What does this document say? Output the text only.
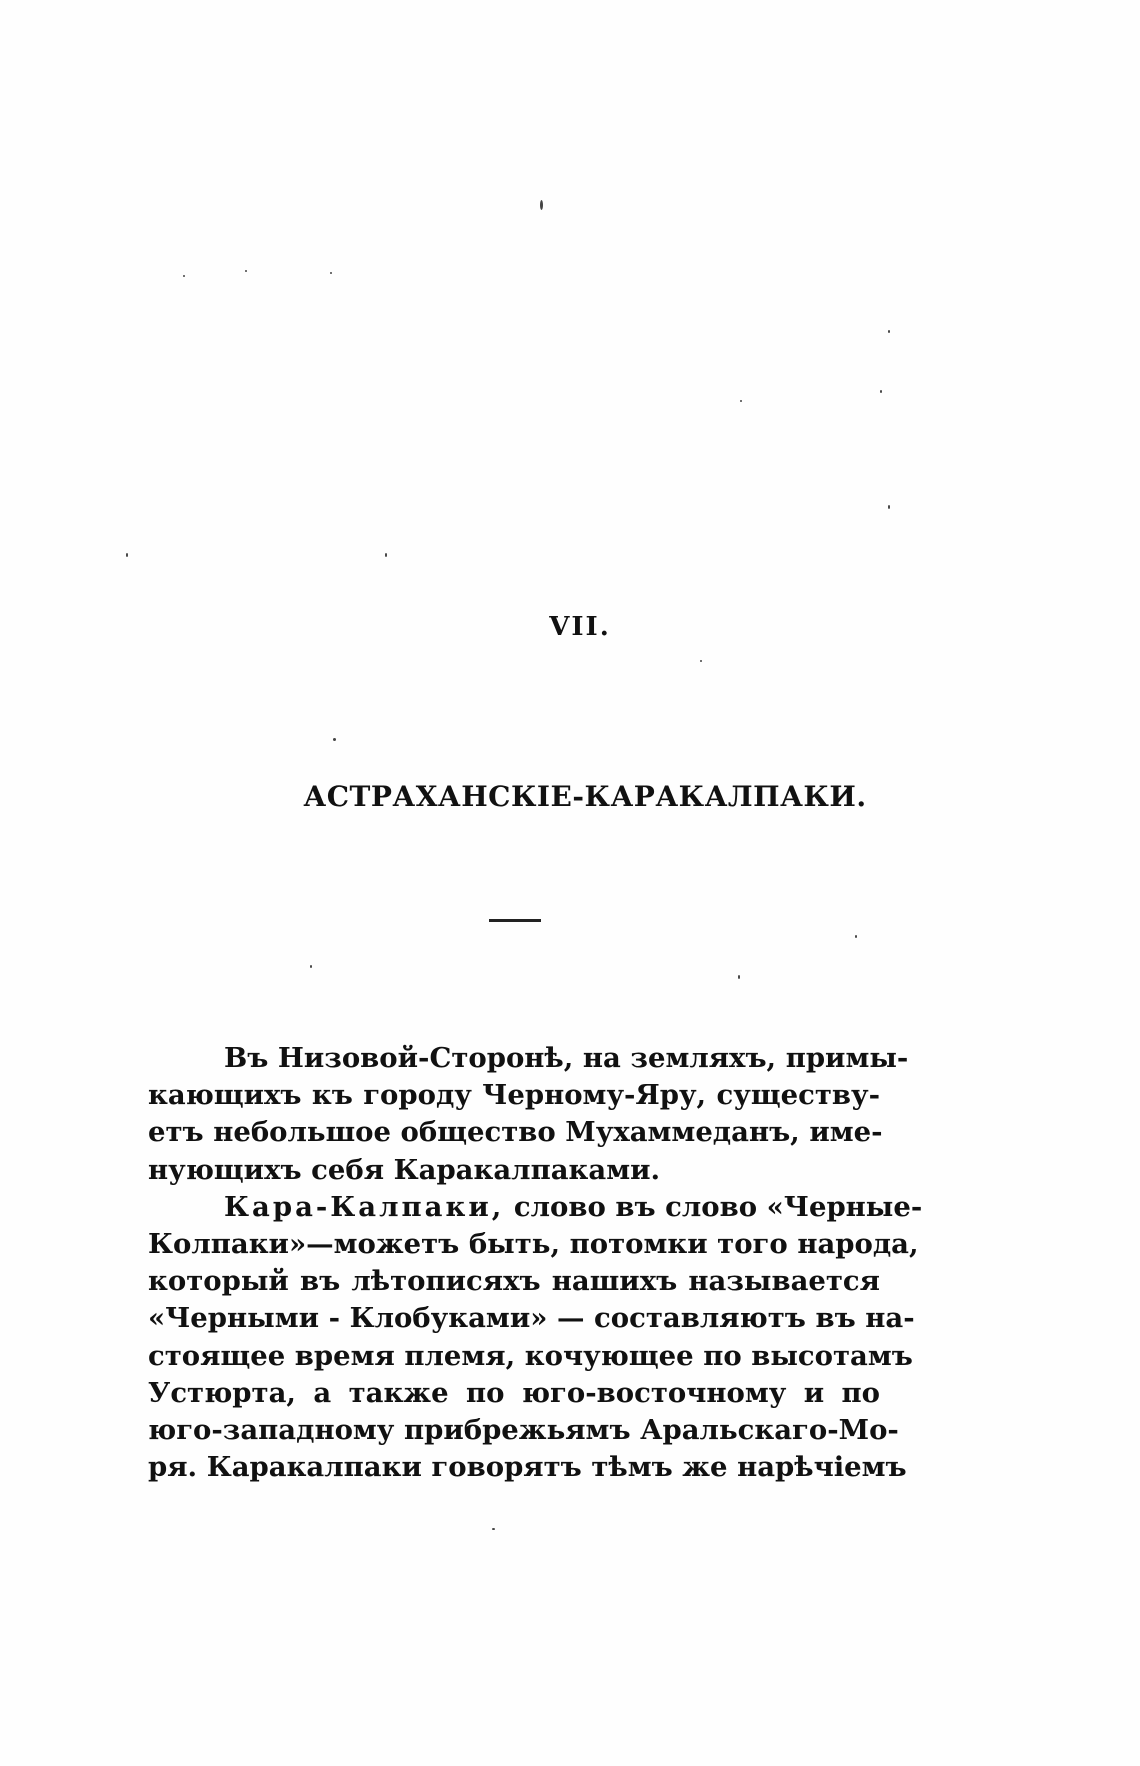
VII.
АСТРАХАНСКІЕ-КАРАКАЛПАКИ.
Въ Низовой-Сторонѣ, на земляхъ, примы-
кающихъ къ городу Черному-Яру, существу-
етъ небольшое общество Мухаммеданъ, име-
нующихъ себя Каракалпаками.
Кара-Калпаки, слово въ слово «Черные-
Колпаки»—можетъ быть, потомки того народа,
который въ лѣтописяхъ нашихъ называется
«Черными - Клобуками» — составляютъ въ на-
стоящее время племя, кочующее по высотамъ
Устюрта, а также по юго-восточному и по
юго-западному прибрежьямъ Аральскаго-Мо-
ря. Каракалпаки говорятъ тѣмъ же нарѣчіемъ
